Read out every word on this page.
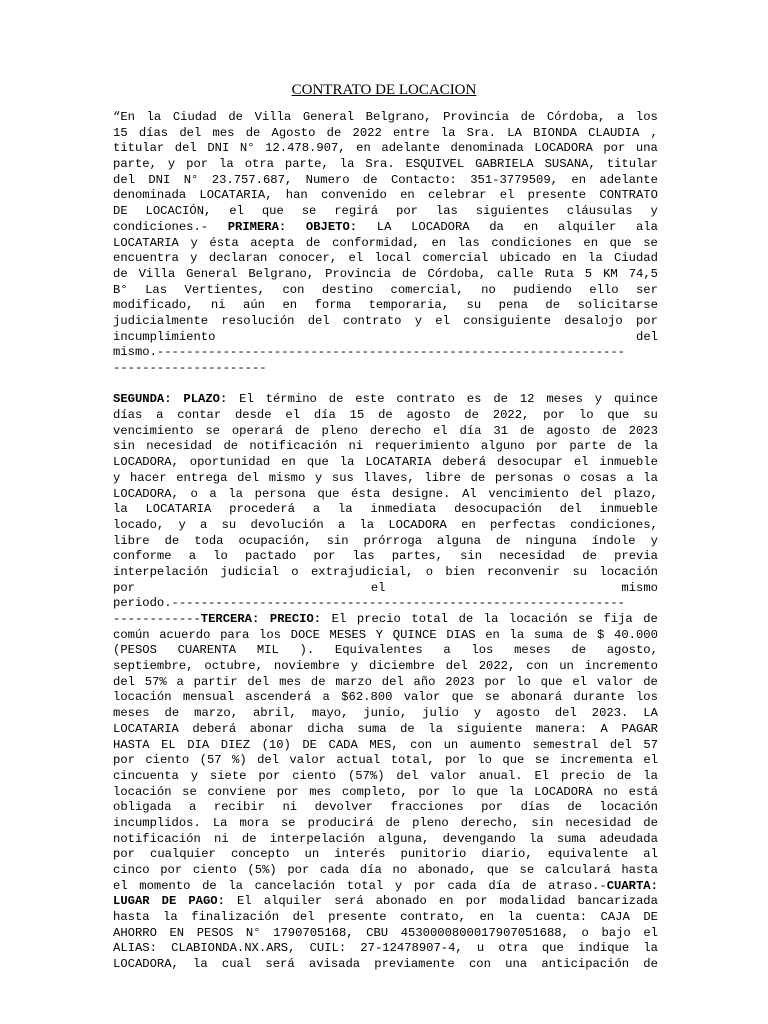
CONTRATO DE LOCACION
“En la Ciudad de Villa General Belgrano, Provincia de Córdoba, a los
15 días del mes de Agosto de 2022 entre la Sra. LA BIONDA CLAUDIA ,
titular del DNI N° 12.478.907, en adelante denominada LOCADORA por una
parte, y por la otra parte, la Sra. ESQUIVEL GABRIELA SUSANA, titular
del DNI N° 23.757.687, Numero de Contacto: 351-3779509, en adelante
denominada LOCATARIA, han convenido en celebrar el presente CONTRATO
DE LOCACIÓN, el que se regirá por las siguientes cláusulas y
condiciones.- PRIMERA: OBJETO: LA LOCADORA da en alquiler ala
LOCATARIA y ésta acepta de conformidad, en las condiciones en que se
encuentra y declaran conocer, el local comercial ubicado en la Ciudad
de Villa General Belgrano, Provincia de Córdoba, calle Ruta 5 KM 74,5
B° Las Vertientes, con destino comercial, no pudiendo ello ser
modificado, ni aún en forma temporaria, su pena de solicitarse
judicialmente resolución del contrato y el consiguiente desalojo por
incumplimiento	del
mismo.----------------------------------------------------------------
---------------------
SEGUNDA: PLAZO: El término de este contrato es de 12 meses y quince
días a contar desde el día 15 de agosto de 2022, por lo que su
vencimiento se operará de pleno derecho el día 31 de agosto de 2023
sin necesidad de notificación ni requerimiento alguno por parte de la
LOCADORA, oportunidad en que la LOCATARIA deberá desocupar el inmueble
y hacer entrega del mismo y sus llaves, libre de personas o cosas a la
LOCADORA, o a la persona que ésta designe. Al vencimiento del plazo,
la LOCATARIA procederá a la inmediata desocupación del inmueble
locado, y a su devolución a la LOCADORA en perfectas condiciones,
libre de toda ocupación, sin prórroga alguna de ninguna índole y
conforme a lo pactado por las partes, sin necesidad de previa
interpelación judicial o extrajudicial, o bien reconvenir su locación
por	el	mismo
periodo.--------------------------------------------------------------
------------TERCERA: PRECIO: El precio total de la locación se fija de
común acuerdo para los DOCE MESES Y QUINCE DIAS en la suma de $ 40.000
(PESOS CUARENTA MIL ). Equivalentes a los meses de agosto,
septiembre, octubre, noviembre y diciembre del 2022, con un incremento
del 57% a partir del mes de marzo del año 2023 por lo que el valor de
locación mensual ascenderá a $62.800 valor que se abonará durante los
meses de marzo, abril, mayo, junio, julio y agosto del 2023. LA
LOCATARIA deberá abonar dicha suma de la siguiente manera: A PAGAR
HASTA EL DIA DIEZ (10) DE CADA MES, con un aumento semestral del 57
por ciento (57 %) del valor actual total, por lo que se incrementa el
cincuenta y siete por ciento (57%) del valor anual. El precio de la
locación se conviene por mes completo, por lo que la LOCADORA no está
obligada a recibir ni devolver fracciones por días de locación
incumplidos. La mora se producirá de pleno derecho, sin necesidad de
notificación ni de interpelación alguna, devengando la suma adeudada
por cualquier concepto un interés punitorio diario, equivalente al
cinco por ciento (5%) por cada día no abonado, que se calculará hasta
el momento de la cancelación total y por cada día de atraso.-CUARTA:
LUGAR DE PAGO: El alquiler será abonado en por modalidad bancarizada
hasta la finalización del presente contrato, en la cuenta: CAJA DE
AHORRO EN PESOS N° 1790705168, CBU 4530000800017907051688, o bajo el
ALIAS: CLABIONDA.NX.ARS, CUIL: 27-12478907-4, u otra que indique la
LOCADORA, la cual será avisada previamente con una anticipación de
